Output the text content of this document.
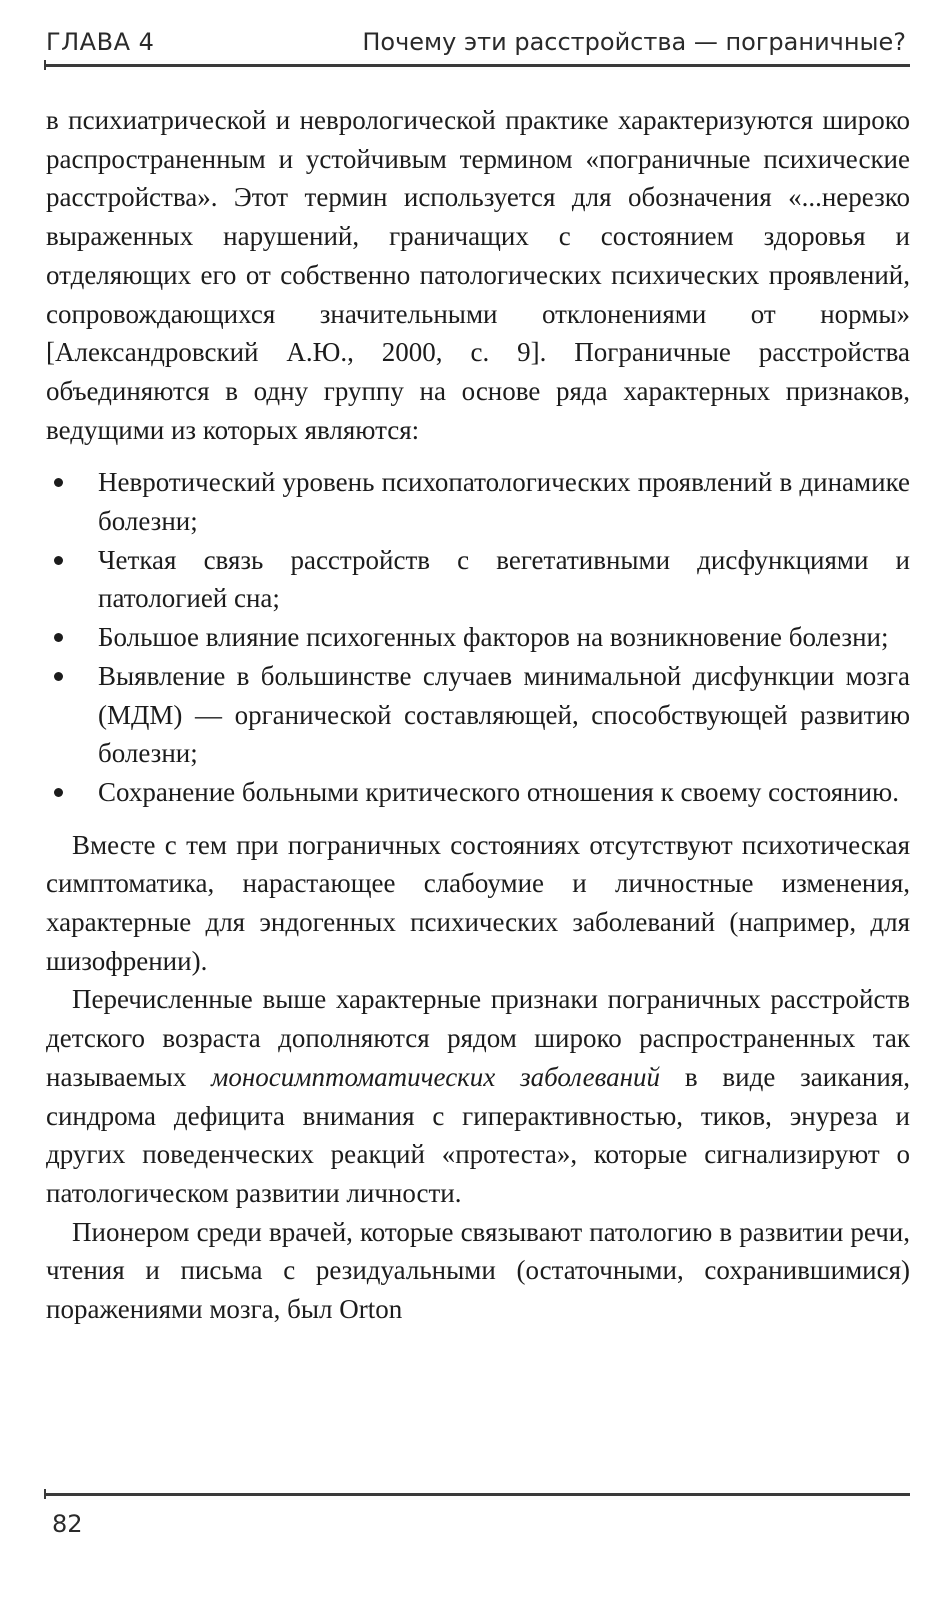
ГЛАВА 4	Почему эти расстройства — пограничные?

в психиатрической и неврологической практике характеризуются широко распространенным и устойчивым термином «пограничные психические расстройства». Этот термин используется для обозначения «...нерезко выраженных нарушений, граничащих с состоянием здоровья и отделяющих его от собственно патологических психических проявлений, сопровождающихся значительными отклонениями от нормы» [Александровский А.Ю., 2000, с. 9]. Пограничные расстройства объединяются в одну группу на основе ряда характерных признаков, ведущими из которых являются:

Невротический уровень психопатологических проявлений в динамике болезни;
Четкая связь расстройств с вегетативными дисфункциями и патологией сна;
Большое влияние психогенных факторов на возникновение болезни;
Выявление в большинстве случаев минимальной дисфункции мозга (МДМ) — органической составляющей, способствующей развитию болезни;
Сохранение больными критического отношения к своему состоянию.

Вместе с тем при пограничных состояниях отсутствуют психотическая симптоматика, нарастающее слабоумие и личностные изменения, характерные для эндогенных психических заболеваний (например, для шизофрении).

Перечисленные выше характерные признаки пограничных расстройств детского возраста дополняются рядом широко распространенных так называемых моносимптоматических заболеваний в виде заикания, синдрома дефицита внимания с гиперактивностью, тиков, энуреза и других поведенческих реакций «протеста», которые сигнализируют о патологическом развитии личности.

Пионером среди врачей, которые связывают патологию в развитии речи, чтения и письма с резидуальными (остаточными, сохранившимися) поражениями мозга, был Orton

82
